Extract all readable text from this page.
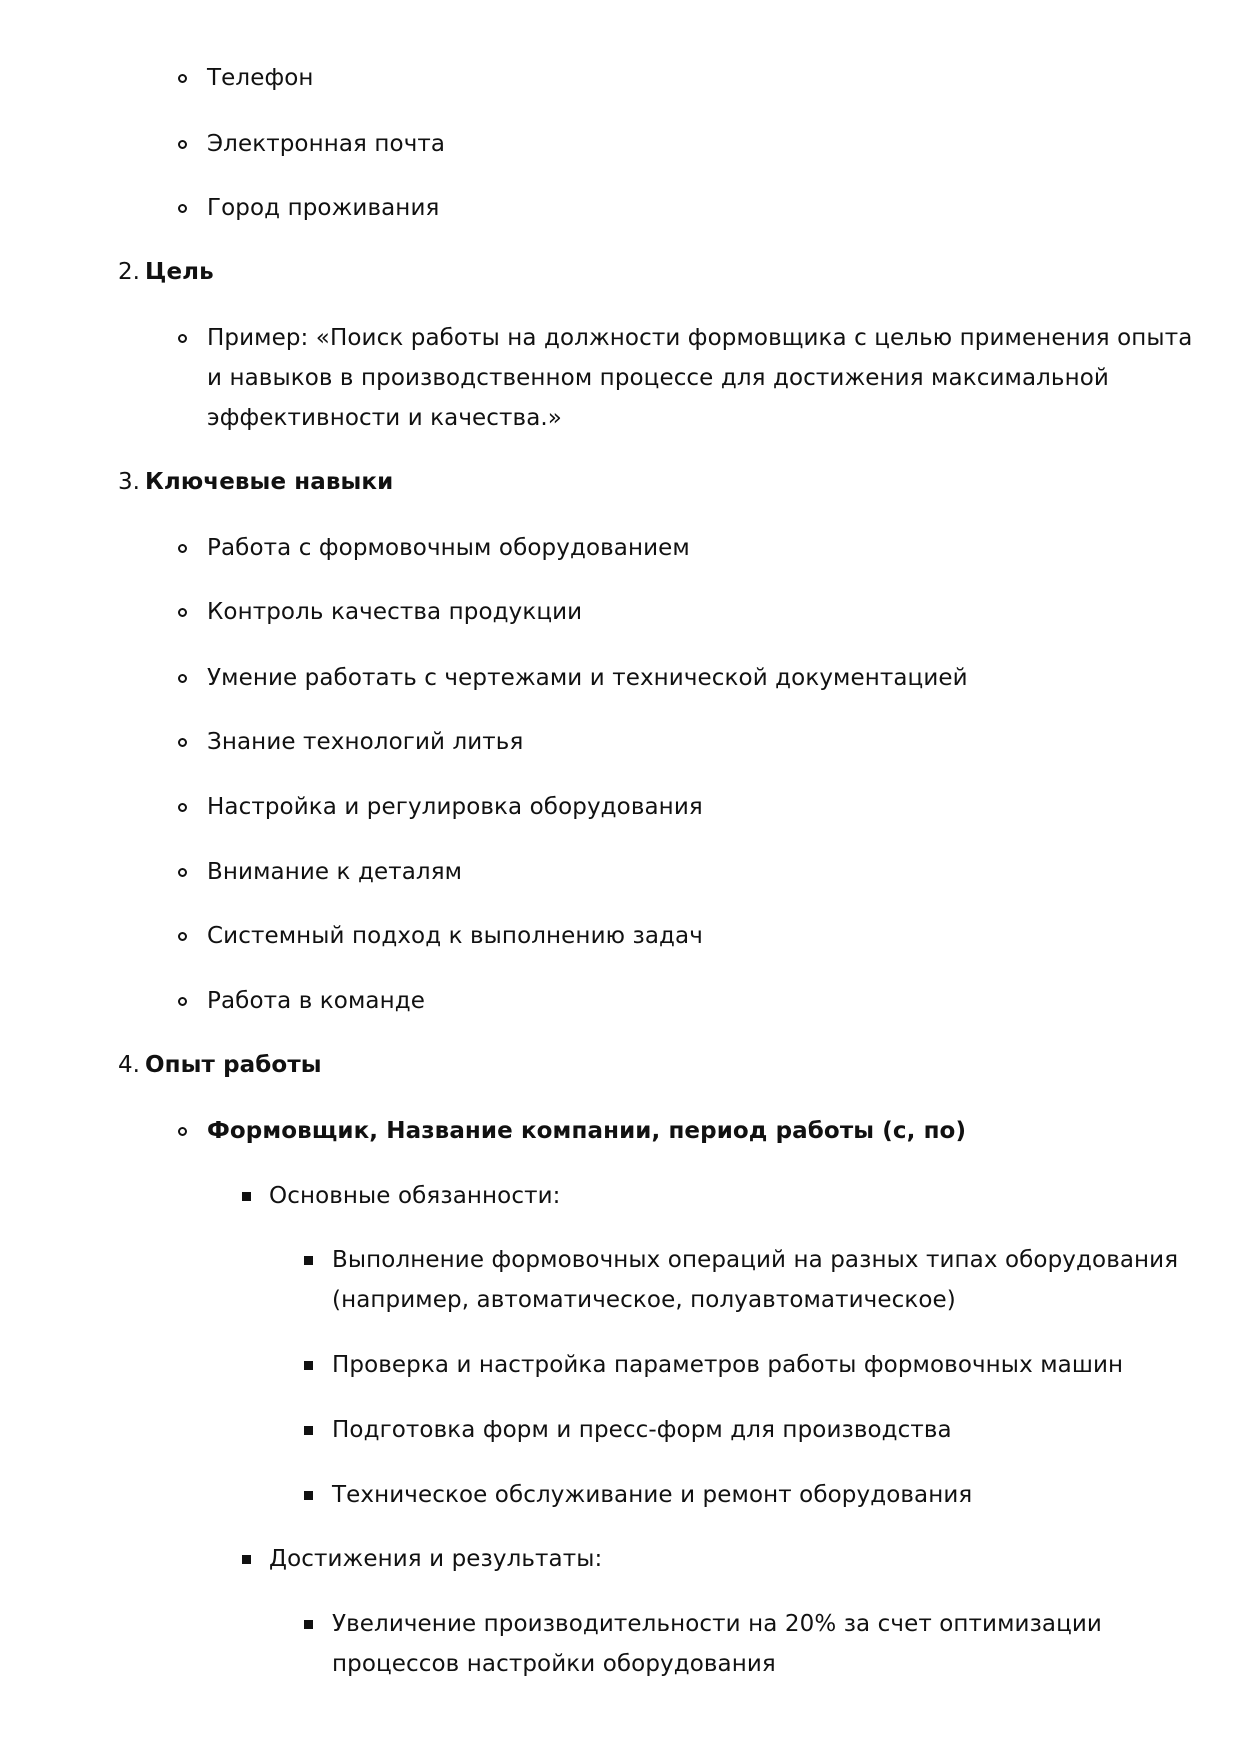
Телефон
Электронная почта
Город проживания
2. Цель
Пример: «Поиск работы на должности формовщика с целью применения опыта
и навыков в производственном процессе для достижения максимальной
эффективности и качества.»
3. Ключевые навыки
Работа с формовочным оборудованием
Контроль качества продукции
Умение работать с чертежами и технической документацией
Знание технологий литья
Настройка и регулировка оборудования
Внимание к деталям
Системный подход к выполнению задач
Работа в команде
4. Опыт работы
Формовщик, Название компании, период работы (с, по)
Основные обязанности:
Выполнение формовочных операций на разных типах оборудования
(например, автоматическое, полуавтоматическое)
Проверка и настройка параметров работы формовочных машин
Подготовка форм и пресс-форм для производства
Техническое обслуживание и ремонт оборудования
Достижения и результаты:
Увеличение производительности на 20% за счет оптимизации
процессов настройки оборудования
